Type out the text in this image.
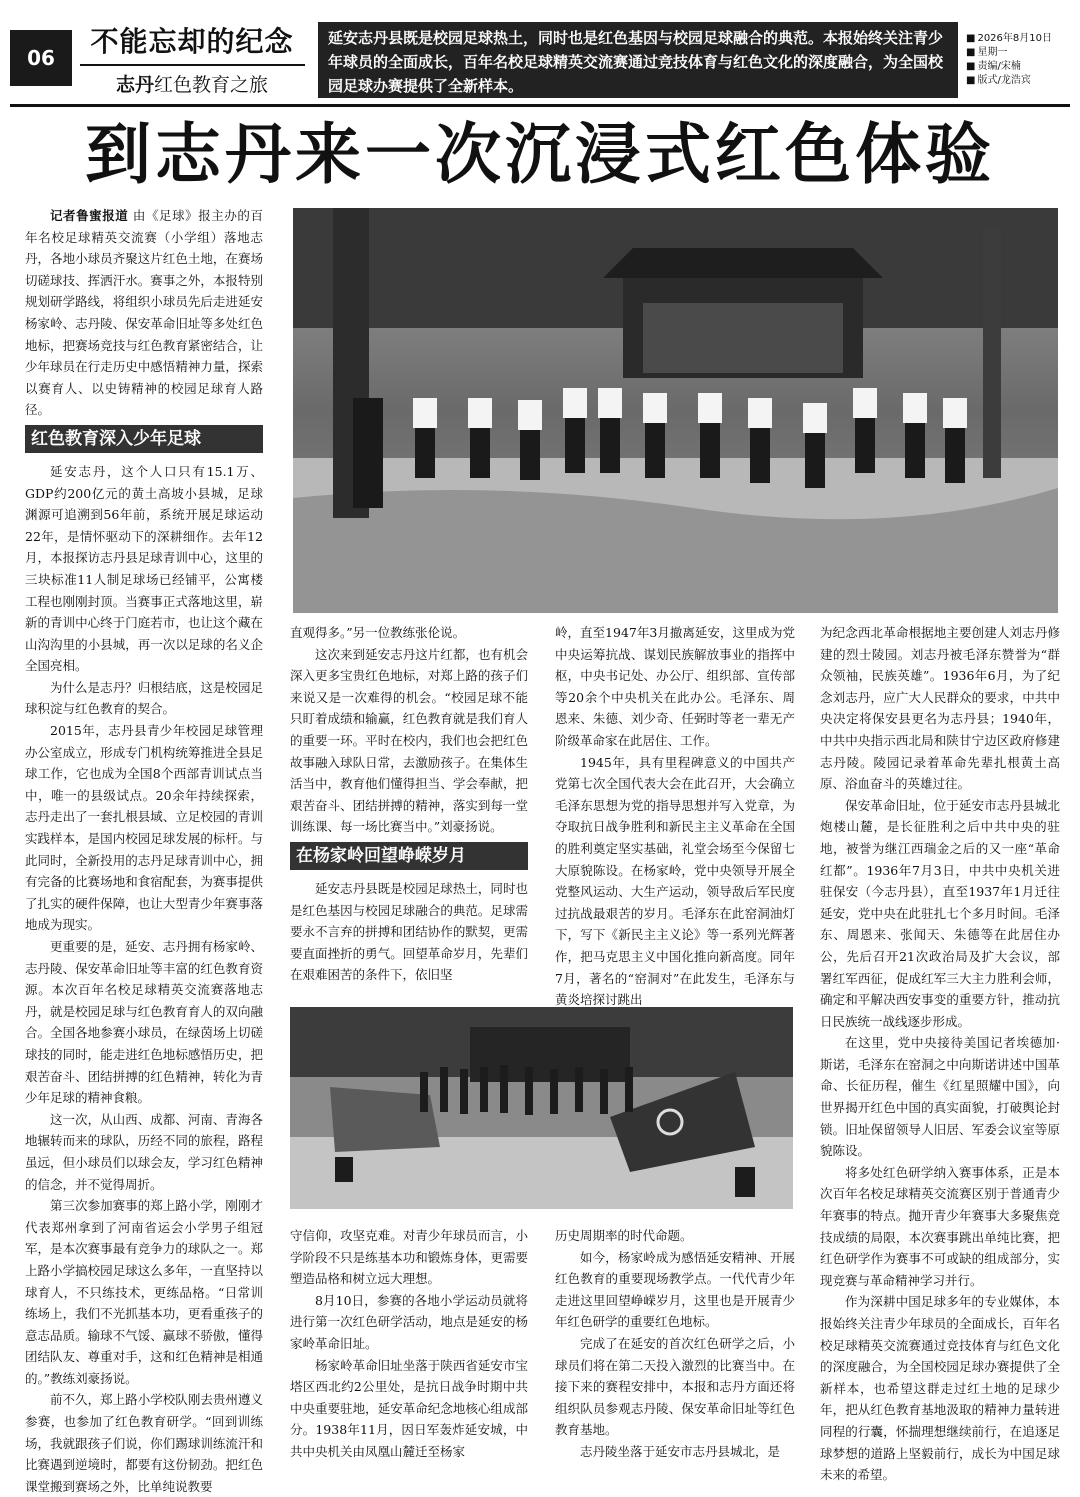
06	不能忘却的纪念
志丹红色教育之旅
延安志丹县既是校园足球热土，同时也是红色基因与校园足球融合的典范。本报始终关注青少年球员的全面成长，百年名校足球精英交流赛通过竞技体育与红色文化的深度融合，为全国校园足球办赛提供了全新样本。
■ 2026年8月10日
■ 星期一
■ 责编/宋楠
■ 版式/龙浩宾
到志丹来一次沉浸式红色体验

记者鲁蜜报道 由《足球》报主办的百年名校足球精英交流赛（小学组）落地志丹，各地小球员齐聚这片红色土地，在赛场切磋球技、挥洒汗水。赛事之外，本报特别规划研学路线，将组织小球员先后走进延安杨家岭、志丹陵、保安革命旧址等多处红色地标，把赛场竞技与红色教育紧密结合，让少年球员在行走历史中感悟精神力量，探索以赛育人、以史铸精神的校园足球育人路径。

红色教育深入少年足球

延安志丹，这个人口只有15.1万、GDP约200亿元的黄土高坡小县城，足球渊源可追溯到56年前，系统开展足球运动22年，是情怀驱动下的深耕细作。去年12月，本报探访志丹县足球青训中心，这里的三块标准11人制足球场已经铺平，公寓楼工程也刚刚封顶。当赛事正式落地这里，崭新的青训中心终于门庭若市，也让这个藏在山沟沟里的小县城，再一次以足球的名义企全国亮相。

为什么是志丹？归根结底，这是校园足球积淀与红色教育的契合。

2015年，志丹县青少年校园足球管理办公室成立，形成专门机构统筹推进全县足球工作，它也成为全国8个西部青训试点当中，唯一的县级试点。20余年持续探索，志丹走出了一套扎根县域、立足校园的青训实践样本，是国内校园足球发展的标杆。与此同时，全新投用的志丹足球青训中心，拥有完备的比赛场地和食宿配套，为赛事提供了扎实的硬件保障，也让大型青少年赛事落地成为现实。

更重要的是，延安、志丹拥有杨家岭、志丹陵、保安革命旧址等丰富的红色教育资源。本次百年名校足球精英交流赛落地志丹，就是校园足球与红色教育育人的双向融合。全国各地参赛小球员，在绿茵场上切磋球技的同时，能走进红色地标感悟历史，把艰苦奋斗、团结拼搏的红色精神，转化为青少年足球的精神食粮。

这一次，从山西、成都、河南、青海各地辗转而来的球队，历经不同的旅程，路程虽远，但小球员们以球会友，学习红色精神的信念，并不觉得周折。

第三次参加赛事的郑上路小学，刚刚才代表郑州拿到了河南省运会小学男子组冠军，是本次赛事最有竞争力的球队之一。郑上路小学搞校园足球这么多年，一直坚持以球育人，不只练技术，更练品格。“日常训练场上，我们不光抓基本功，更看重孩子的意志品质。输球不气馁、赢球不骄傲，懂得团结队友、尊重对手，这和红色精神是相通的。”教练刘豪扬说。

前不久，郑上路小学校队刚去贵州遵义参赛，也参加了红色教育研学。“回到训练场，我就跟孩子们说，你们踢球训练流汗和比赛遇到逆境时，都要有这份韧劲。把红色课堂搬到赛场之外，比单纯说教要

直观得多。”另一位教练张伦说。

这次来到延安志丹这片红都，也有机会深入更多宝贵红色地标，对郑上路的孩子们来说又是一次难得的机会。“校园足球不能只盯着成绩和输赢，红色教育就是我们育人的重要一环。平时在校内，我们也会把红色故事融入球队日常，去激励孩子。在集体生活当中，教育他们懂得担当、学会奉献，把艰苦奋斗、团结拼搏的精神，落实到每一堂训练课、每一场比赛当中。”刘豪扬说。

在杨家岭回望峥嵘岁月

延安志丹县既是校园足球热土，同时也是红色基因与校园足球融合的典范。足球需要永不言弃的拼搏和团结协作的默契，更需要直面挫折的勇气。回望革命岁月，先辈们在艰难困苦的条件下，依旧坚

守信仰，攻坚克难。对青少年球员而言，小学阶段不只是练基本功和锻炼身体，更需要塑造品格和树立远大理想。

8月10日，参赛的各地小学运动员就将进行第一次红色研学活动，地点是延安的杨家岭革命旧址。

杨家岭革命旧址坐落于陕西省延安市宝塔区西北约2公里处，是抗日战争时期中共中央重要驻地，延安革命纪念地核心组成部分。1938年11月，因日军轰炸延安城，中共中央机关由凤凰山麓迁至杨家

岭，直至1947年3月撤离延安，这里成为党中央运筹抗战、谋划民族解放事业的指挥中枢，中央书记处、办公厅、组织部、宣传部等20余个中央机关在此办公。毛泽东、周恩来、朱德、刘少奇、任弼时等老一辈无产阶级革命家在此居住、工作。

1945年，具有里程碑意义的中国共产党第七次全国代表大会在此召开，大会确立毛泽东思想为党的指导思想并写入党章，为夺取抗日战争胜利和新民主主义革命在全国的胜利奠定坚实基础，礼堂会场至今保留七大原貌陈设。在杨家岭，党中央领导开展全党整风运动、大生产运动，领导敌后军民度过抗战最艰苦的岁月。毛泽东在此窑洞油灯下，写下《新民主主义论》等一系列光辉著作，把马克思主义中国化推向新高度。同年7月，著名的“窑洞对”在此发生，毛泽东与黄炎培探讨跳出

历史周期率的时代命题。

如今，杨家岭成为感悟延安精神、开展红色教育的重要现场教学点。一代代青少年走进这里回望峥嵘岁月，这里也是开展青少年红色研学的重要红色地标。

完成了在延安的首次红色研学之后，小球员们将在第二天投入激烈的比赛当中。在接下来的赛程安排中，本报和志丹方面还将组织队员参观志丹陵、保安革命旧址等红色教育基地。

志丹陵坐落于延安市志丹县城北，是

为纪念西北革命根据地主要创建人刘志丹修建的烈士陵园。刘志丹被毛泽东赞誉为“群众领袖，民族英雄”。1936年6月，为了纪念刘志丹，应广大人民群众的要求，中共中央决定将保安县更名为志丹县；1940年，中共中央指示西北局和陕甘宁边区政府修建志丹陵。陵园记录着革命先辈扎根黄土高原、浴血奋斗的英雄过往。

保安革命旧址，位于延安市志丹县城北炮楼山麓，是长征胜利之后中共中央的驻地，被誉为继江西瑞金之后的又一座“革命红都”。1936年7月3日，中共中央机关进驻保安（今志丹县），直至1937年1月迁往延安，党中央在此驻扎七个多月时间。毛泽东、周恩来、张闻天、朱德等在此居住办公，先后召开21次政治局及扩大会议，部署红军西征，促成红军三大主力胜利会师，确定和平解决西安事变的重要方针，推动抗日民族统一战线逐步形成。

在这里，党中央接待美国记者埃德加·斯诺，毛泽东在窑洞之中向斯诺讲述中国革命、长征历程，催生《红星照耀中国》，向世界揭开红色中国的真实面貌，打破舆论封锁。旧址保留领导人旧居、军委会议室等原貌陈设。

将多处红色研学纳入赛事体系，正是本次百年名校足球精英交流赛区别于普通青少年赛事的特点。抛开青少年赛事大多聚焦竞技成绩的局限，本次赛事跳出单纯比赛，把红色研学作为赛事不可或缺的组成部分，实现竞赛与革命精神学习并行。

作为深耕中国足球多年的专业媒体，本报始终关注青少年球员的全面成长，百年名校足球精英交流赛通过竞技体育与红色文化的深度融合，为全国校园足球办赛提供了全新样本，也希望这群走过红土地的足球少年，把从红色教育基地汲取的精神力量转进同程的行囊，怀揣理想继续前行，在追逐足球梦想的道路上坚毅前行，成长为中国足球未来的希望。
